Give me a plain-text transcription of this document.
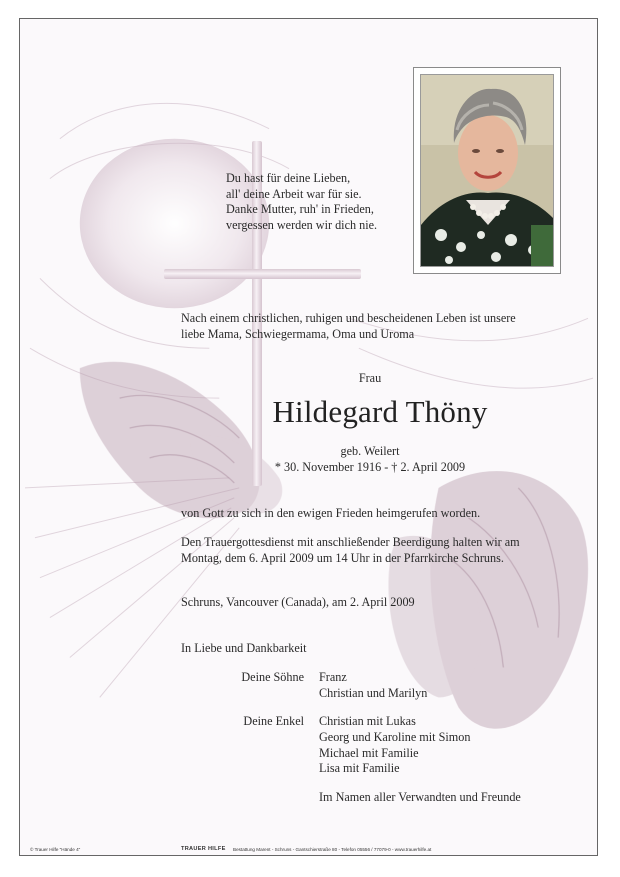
Du hast für deine Lieben,
all' deine Arbeit war für sie.
Danke Mutter, ruh' in Frieden,
vergessen werden wir dich nie.
Nach einem christlichen, ruhigen und bescheidenen Leben ist unsere
liebe Mama, Schwiegermama, Oma und Uroma
Frau
Hildegard Thöny
geb. Weilert
* 30. November 1916 - † 2. April 2009
von Gott zu sich in den ewigen Frieden heimgerufen worden.
Den Trauergottesdienst mit anschließender Beerdigung halten wir am
Montag, dem 6. April 2009 um 14 Uhr in der Pfarrkirche Schruns.
Schruns, Vancouver (Canada), am 2. April 2009
In Liebe und Dankbarkeit
Deine Söhne Franz
Christian und Marilyn
Deine Enkel Christian mit Lukas
Georg und Karoline mit Simon
Michael mit Familie
Lisa mit Familie
Im Namen aller Verwandten und Freunde
© Trauer Hilfe "Hände 4"	TRAUER HILFE Bestattung Marent - Schruns - Gantschierstraße 80 - Telefon 05556 / 77079-0 - www.trauerhilfe.at
